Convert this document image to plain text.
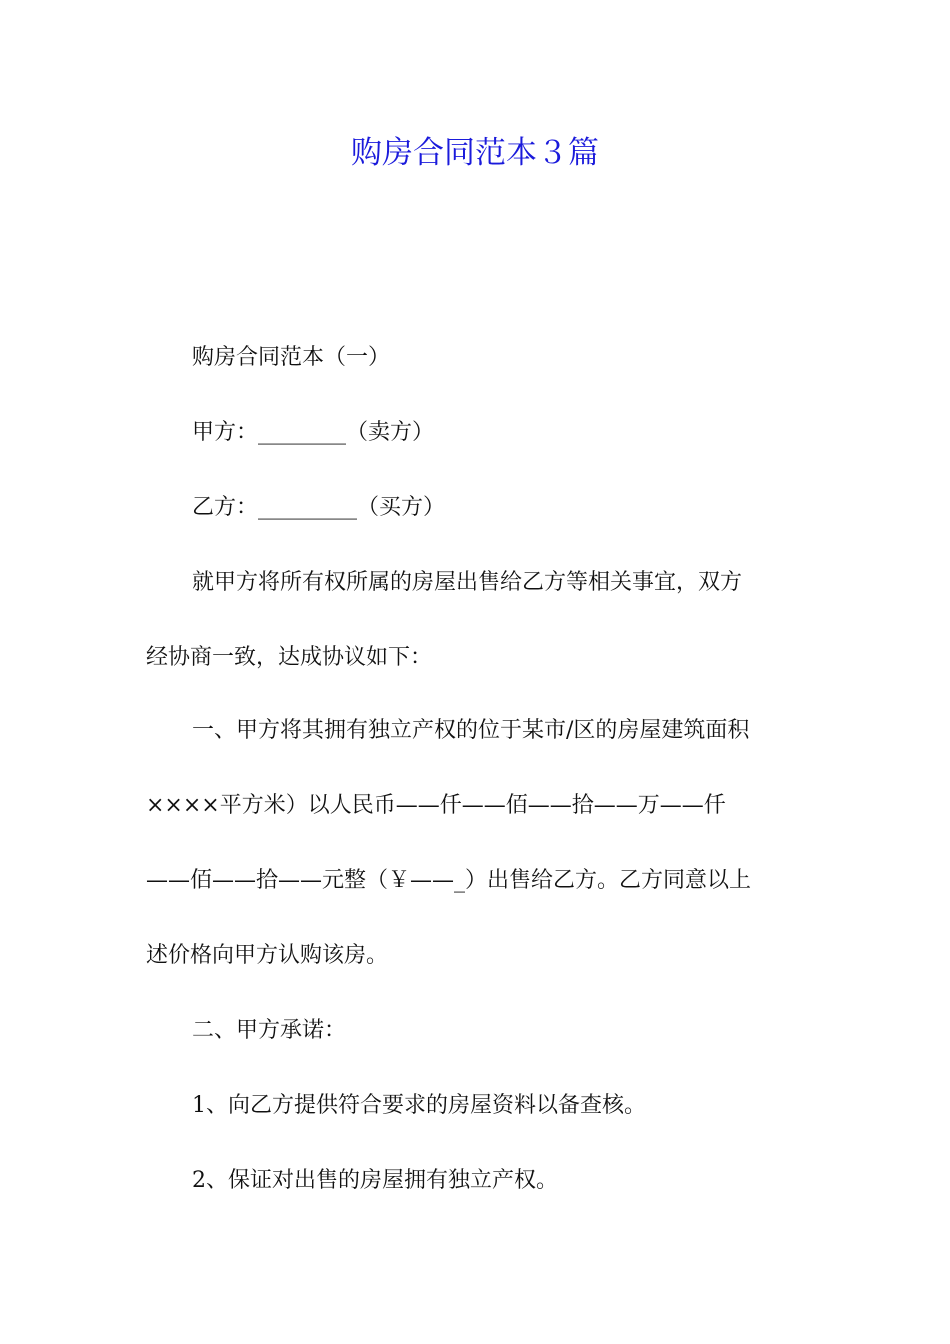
购房合同范本３篇

购房合同范本（一）

甲方：________（卖方）

乙方：_________（买方）

就甲方将所有权所属的房屋出售给乙方等相关事宜，双方

经协商一致，达成协议如下：

一、甲方将其拥有独立产权的位于某市/区的房屋建筑面积

××××平方米）以人民币——仟——佰——拾——万——仟

——佰——拾——元整（￥——_）出售给乙方。乙方同意以上

述价格向甲方认购该房。

二、甲方承诺：

1、向乙方提供符合要求的房屋资料以备查核。

2、保证对出售的房屋拥有独立产权。
